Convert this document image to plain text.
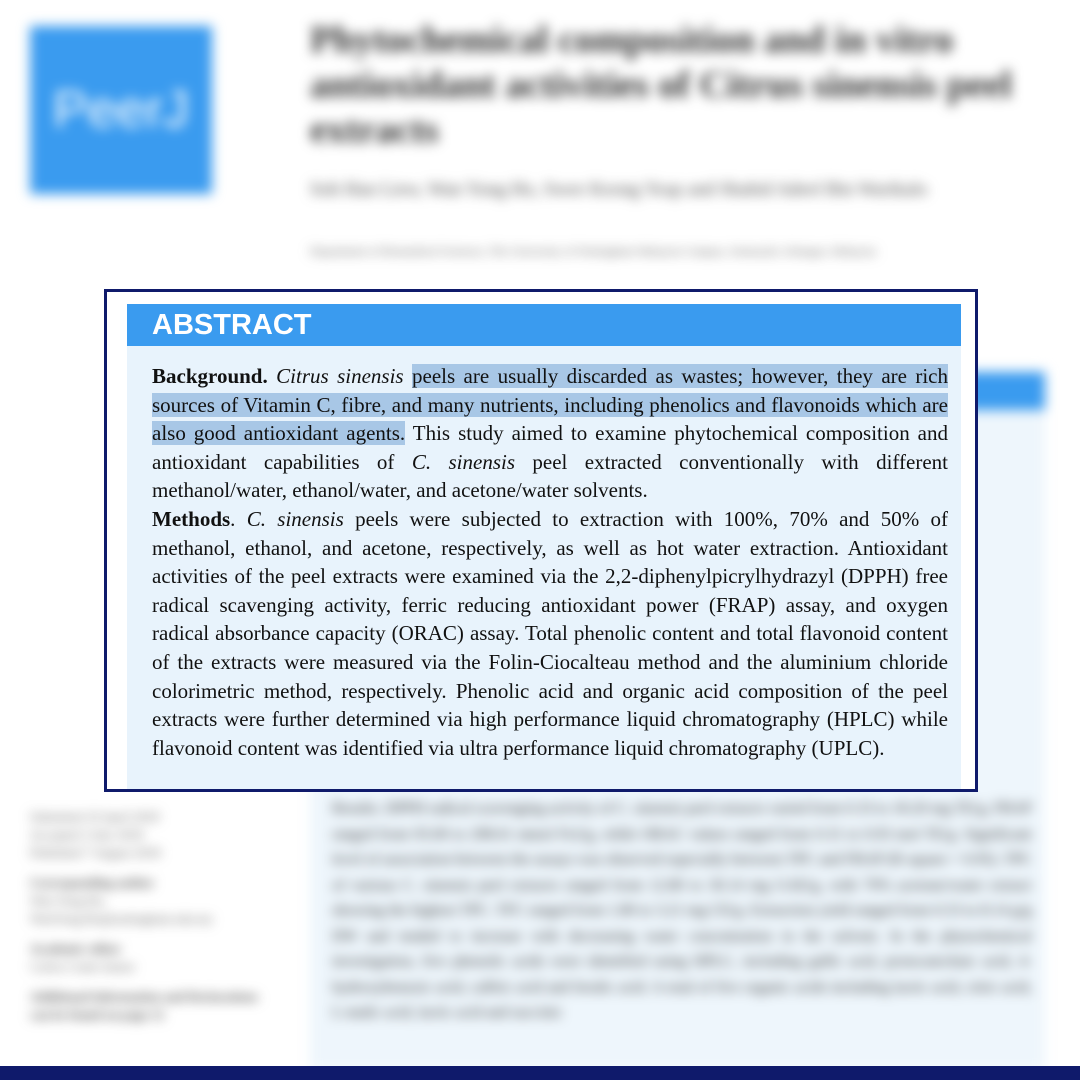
PeerJ
Phytochemical composition and in vitro antioxidant activities of Citrus sinensis peel extracts
Soh Han Liew, Wan Yong Ho, Swee Keong Yeap and Shahid Adeel Bin Warikalo
Department of Biomedical Sciences, The University of Nottingham Malaysia Campus, Semenyih, Selangor, Malaysia

Results. DPPH radical scavenging activity of C. sinensis peel extracts varied from 0.33 to 18.20 mg TE/g, FRAP ranged from 93.00 to 298.61 mmol Fe2/g, while ORAC values ranged from 0.31 to 0.93 mol TE/g. Significant level of association between the assays was observed especially between TPC and FRAP (R square = 0.95). TPC of various C. sinensis peel extracts ranged from 12.80 to 30.14 mg GAE/g, with 70% acetone/water extract showing the highest TPC. TFC ranged from 1.80 to 3.21 mg CE/g. Extraction yield ranged from 6.53 to 8.14 g/g DW and tended to increase with decreasing water concentration in the solvent. In the phytochemical investigation, five phenolic acids were identified using HPLC, including gallic acid, protocatechuic acid, 4-hydroxybenzoic acid, caffeic acid and ferulic acid. A total of five organic acids including lactic acid, citric acid, L-malic acid, lactic acid and succinic

Submitted 16 April 2018
Accepted 3 July 2018
Published 7 August 2018
Corresponding author
Wan Yong Ho,
WanYong.Ho@nottingham.edu.my
Academic editor
Carlos Conte-Junior
Additional Information and Declarations can be found on page 12
ABSTRACT

Background. Citrus sinensis peels are usually discarded as wastes; however, they are rich sources of Vitamin C, fibre, and many nutrients, including phenolics and flavonoids which are also good antioxidant agents. This study aimed to examine phytochemical composition and antioxidant capabilities of C. sinensis peel extracted conventionally with different methanol/water, ethanol/water, and acetone/water solvents.

Methods. C. sinensis peels were subjected to extraction with 100%, 70% and 50% of methanol, ethanol, and acetone, respectively, as well as hot water extraction. Antioxidant activities of the peel extracts were examined via the 2,2-diphenylpicrylhydrazyl (DPPH) free radical scavenging activity, ferric reducing antioxidant power (FRAP) assay, and oxygen radical absorbance capacity (ORAC) assay. Total phenolic content and total flavonoid content of the extracts were measured via the Folin-Ciocalteau method and the aluminium chloride colorimetric method, respectively. Phenolic acid and organic acid composition of the peel extracts were further determined via high performance liquid chromatography (HPLC) while flavonoid content was identified via ultra performance liquid chromatography (UPLC).
